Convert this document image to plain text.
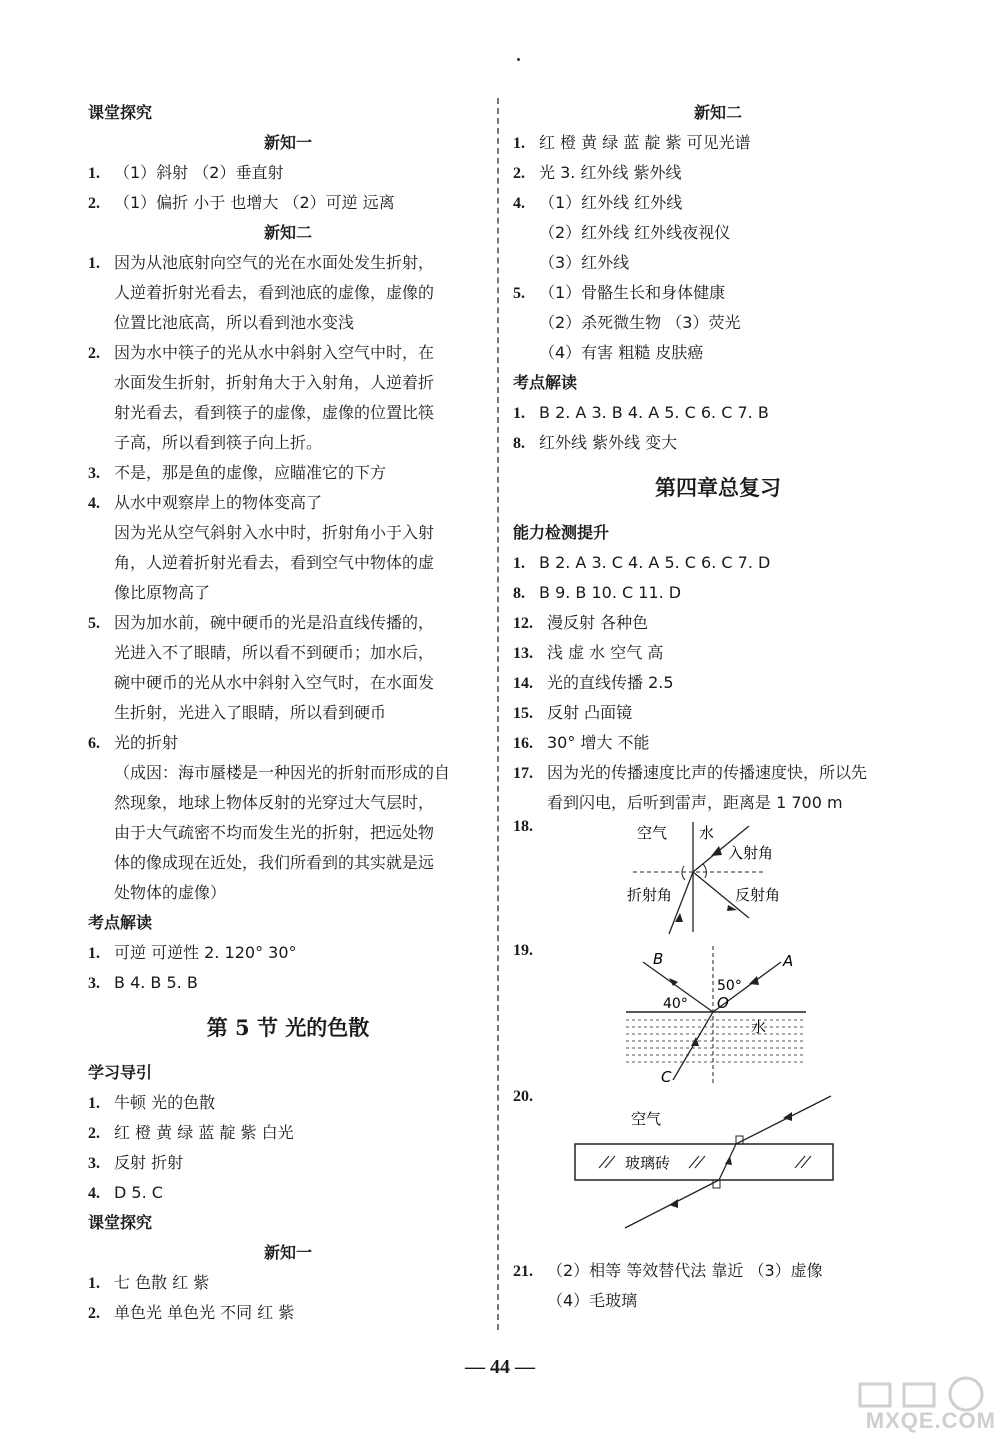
课堂探究
新知一
1. （1）斜射 （2）垂直射
2. （1）偏折 小于 也增大 （2）可逆 远离
新知二
1. 因为从池底射向空气的光在水面处发生折射，
人逆着折射光看去，看到池底的虚像，虚像的
位置比池底高，所以看到池水变浅
2. 因为水中筷子的光从水中斜射入空气中时，在
水面发生折射，折射角大于入射角，人逆着折
射光看去，看到筷子的虚像，虚像的位置比筷
子高，所以看到筷子向上折。
3. 不是，那是鱼的虚像，应瞄准它的下方
4. 从水中观察岸上的物体变高了
因为光从空气斜射入水中时，折射角小于入射
角，人逆着折射光看去，看到空气中物体的虚
像比原物高了
5. 因为加水前，碗中硬币的光是沿直线传播的，
光进入不了眼睛，所以看不到硬币；加水后，
碗中硬币的光从水中斜射入空气时，在水面发
生折射，光进入了眼睛，所以看到硬币
6. 光的折射
（成因：海市蜃楼是一种因光的折射而形成的自
然现象，地球上物体反射的光穿过大气层时，
由于大气疏密不均而发生光的折射，把远处物
体的像成现在近处，我们所看到的其实就是远
处物体的虚像）
考点解读
1. 可逆 可逆性 2. 120° 30°
3. B 4. B 5. B
第 5 节 光的色散
学习导引
1. 牛顿 光的色散
2. 红 橙 黄 绿 蓝 靛 紫 白光
3. 反射 折射
4. D 5. C
课堂探究
新知一
1. 七 色散 红 紫
2. 单色光 单色光 不同 红 紫
新知二
1. 红 橙 黄 绿 蓝 靛 紫 可见光谱
2. 光 3. 红外线 紫外线
4. （1）红外线 红外线
（2）红外线 红外线夜视仪
（3）红外线
5. （1）骨骼生长和身体健康
（2）杀死微生物 （3）荧光
（4）有害 粗糙 皮肤癌
考点解读
1. B 2. A 3. B 4. A 5. C 6. C 7. B
8. 红外线 紫外线 变大
第四章总复习
能力检测提升
1. B 2. A 3. C 4. A 5. C 6. C 7. D
8. B 9. B 10. C 11. D
12. 漫反射 各种色
13. 浅 虚 水 空气 高
14. 光的直线传播 2.5
15. 反射 凸面镜
16. 30° 增大 不能
17. 因为光的传播速度比声的传播速度快，所以先
看到闪电，后听到雷声，距离是 1 700 m
18.	空气 水
入射角
折射角	反射角
19.	B	A
50°
40° O
水
C
20.
空气
玻璃砖
21. （2）相等 等效替代法 靠近 （3）虚像
（4）毛玻璃
— 44 —
MXQE.COM
